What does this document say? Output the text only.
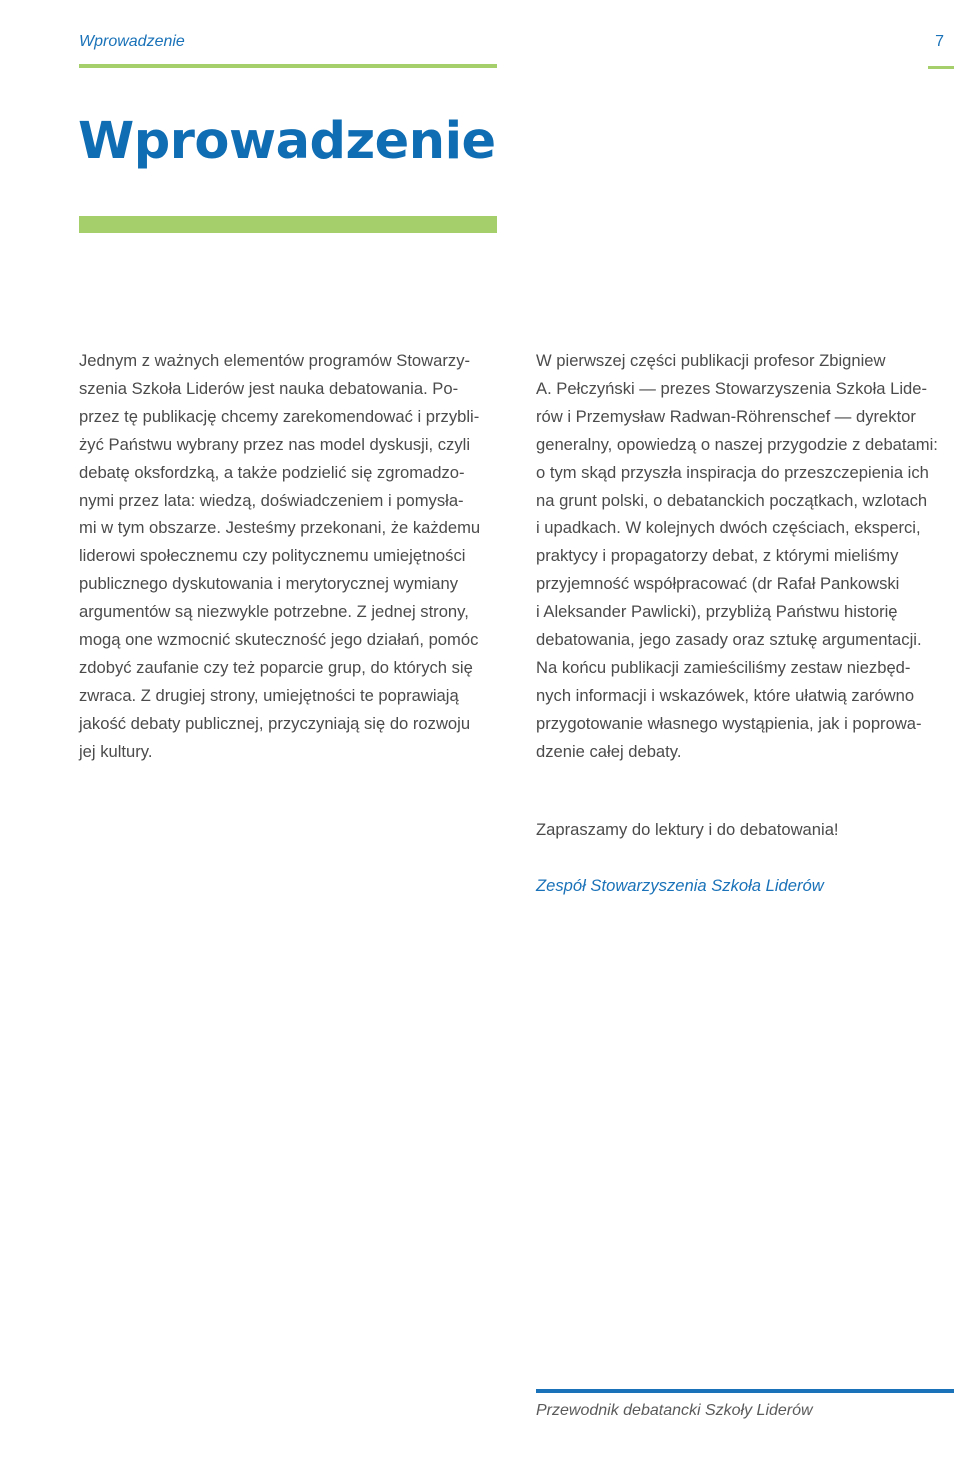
Wprowadzenie	7
Wprowadzenie

Jednym z ważnych elementów programów Stowarzy-
szenia Szkoła Liderów jest nauka debatowania. Po-
przez tę publikację chcemy zarekomendować i przybli-
żyć Państwu wybrany przez nas model dyskusji, czyli
debatę oksfordzką, a także podzielić się zgromadzo-
nymi przez lata: wiedzą, doświadczeniem i pomysła-
mi w tym obszarze. Jesteśmy przekonani, że każdemu
liderowi społecznemu czy politycznemu umiejętności
publicznego dyskutowania i merytorycznej wymiany
argumentów są niezwykle potrzebne. Z jednej strony,
mogą one wzmocnić skuteczność jego działań, pomóc
zdobyć zaufanie czy też poparcie grup, do których się
zwraca. Z drugiej strony, umiejętności te poprawiają
jakość debaty publicznej, przyczyniają się do rozwoju
jej kultury.

W pierwszej części publikacji profesor Zbigniew
A. Pełczyński — prezes Stowarzyszenia Szkoła Lide-
rów i Przemysław Radwan-Röhrenschef — dyrektor
generalny, opowiedzą o naszej przygodzie z debatami:
o tym skąd przyszła inspiracja do przeszczepienia ich
na grunt polski, o debatanckich początkach, wzlotach
i upadkach. W kolejnych dwóch częściach, eksperci,
praktycy i propagatorzy debat, z którymi mieliśmy
przyjemność współpracować (dr Rafał Pankowski
i Aleksander Pawlicki), przybliżą Państwu historię
debatowania, jego zasady oraz sztukę argumentacji.
Na końcu publikacji zamieściliśmy zestaw niezbęd-
nych informacji i wskazówek, które ułatwią zarówno
przygotowanie własnego wystąpienia, jak i poprowa-
dzenie całej debaty.

Zapraszamy do lektury i do debatowania!

Zespół Stowarzyszenia Szkoła Liderów

Przewodnik debatancki Szkoły Liderów
